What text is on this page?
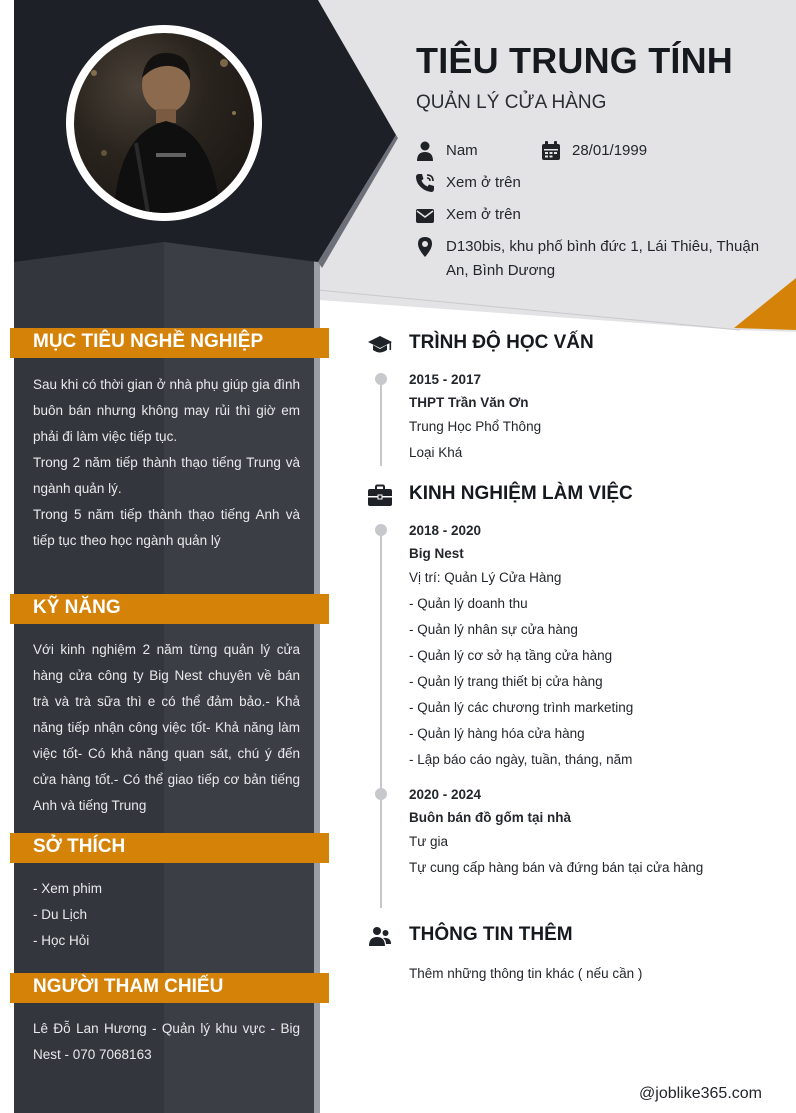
TIÊU TRUNG TÍNH
QUẢN LÝ CỬA HÀNG
Nam	28/01/1999
Xem ở trên
Xem ở trên
D130bis, khu phố bình đức 1, Lái Thiêu, Thuận
An, Bình Dương
MỤC TIÊU NGHỀ NGHIỆP

Sau khi có thời gian ở nhà phụ giúp gia đình buôn bán nhưng không may rủi thì giờ em phải đi làm việc tiếp tục.

Trong 2 năm tiếp thành thạo tiếng Trung và ngành quản lý.

Trong 5 năm tiếp thành thạo tiếng Anh và tiếp tục theo học ngành quản lý

KỸ NĂNG
Với kinh nghiệm 2 năm từng quản lý cửa hàng cửa công ty Big Nest chuyên về bán trà và trà sữa thì e có thể đảm bảo.- Khả năng tiếp nhận công việc tốt- Khả năng làm việc tốt- Có khả năng quan sát, chú ý đến cửa hàng tốt.- Có thể giao tiếp cơ bản tiếng Anh và tiếng Trung
SỞ THÍCH
- Xem phim
- Du Lịch
- Học Hỏi
NGƯỜI THAM CHIẾU
Lê Đỗ Lan Hương - Quản lý khu vực - Big Nest - 070 7068163
TRÌNH ĐỘ HỌC VẤN
2015 - 2017
THPT Trần Văn Ơn
Trung Học Phổ Thông
Loại Khá
KINH NGHIỆM LÀM VIỆC
2018 - 2020
Big Nest
Vị trí: Quản Lý Cửa Hàng
- Quản lý doanh thu
- Quản lý nhân sự cửa hàng
- Quản lý cơ sở hạ tầng cửa hàng
- Quản lý trang thiết bị cửa hàng
- Quản lý các chương trình marketing
- Quản lý hàng hóa cửa hàng
- Lập báo cáo ngày, tuần, tháng, năm
2020 - 2024
Buôn bán đồ gốm tại nhà
Tư gia
Tự cung cấp hàng bán và đứng bán tại cửa hàng
THÔNG TIN THÊM
Thêm những thông tin khác ( nếu cần )
@joblike365.com
